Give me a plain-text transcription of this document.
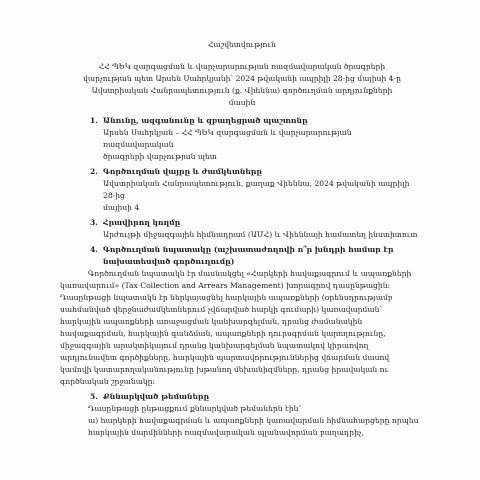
Հաշվետվություն
ՀՀ ՊԵԿ զարգացման և վարչարարության ռազմավարական ծրագրերի
վարչության պետ Արսեն Սահրկյանի՝ 2024 թվականի ապրիլի 28-ից մայիսի 4-ը
Ավստրիական Հանրապետություն (ք. Վիեննա) գործուղման արդյունքների
մասին
1. Անունը, ազգանունը և զբաղեցրած պաշտոնը
Արսեն Սահրկյան – ՀՀ ՊԵԿ զարգացման և վարչարարության ռազմավարական
ծրագրերի վարչության պետ
2. Գործուղման վայրը և ժամկետները
Ավստրիական Հանրապետություն, քաղաք Վիեննա, 2024 թվականի ապրիլի 28-ից
մայիսի 4
3. Հրավիրող կողմը
Արժույթի միջազգային հիմնադրամ (ԱՄՀ) և Վիեննայի համատեղ ինստիտուտ
4. Գործուղման նպատակը (աշխատաժողովի ո՞ր խնդրի համար էր
նախատեսված գործուղումը)
Գործուղման նպատակն էր մասնակցել «Հարկերի հավաքագրում և ապառքների
կառավարում» (Tax Collection and Arrears Management) խորագրով դասընթացին:
Դասընթացի նպատակն էր ներկայացնել հարկային ապառքների (օրենսդրությամբ
սահմանված վերջնաժամկետներում չվճարված հարկի գումարի) կառավարման՝
հարկային ապառքների առաջացման կանխարգելման, դրանց ժամանակին
հավաքագրման, հարկային գանձման, ապառքների դուրսգրման կարողությունը,
միջազգային արակտիկայում դրանց կանխարգելման նպատակով կիրառվող
արդյունավետ գործիքները, հարկային պարտավորություններից վճարման մասով
կամովի կատարողականությունը խթանող մեխանիզմները, դրանց իրավական ու
գործնական շրջանակը:
5. Քննարկված թեմաները
Դասընթացի ընթացքում քննարկված թեմաներն էին՝
ա) հարկերի հավաքագրման և ապառքների կառավարման հիմնահարցերը որպես
հարկային մարմինների ռազմավարական պլանավորման բաղադրիչ,
